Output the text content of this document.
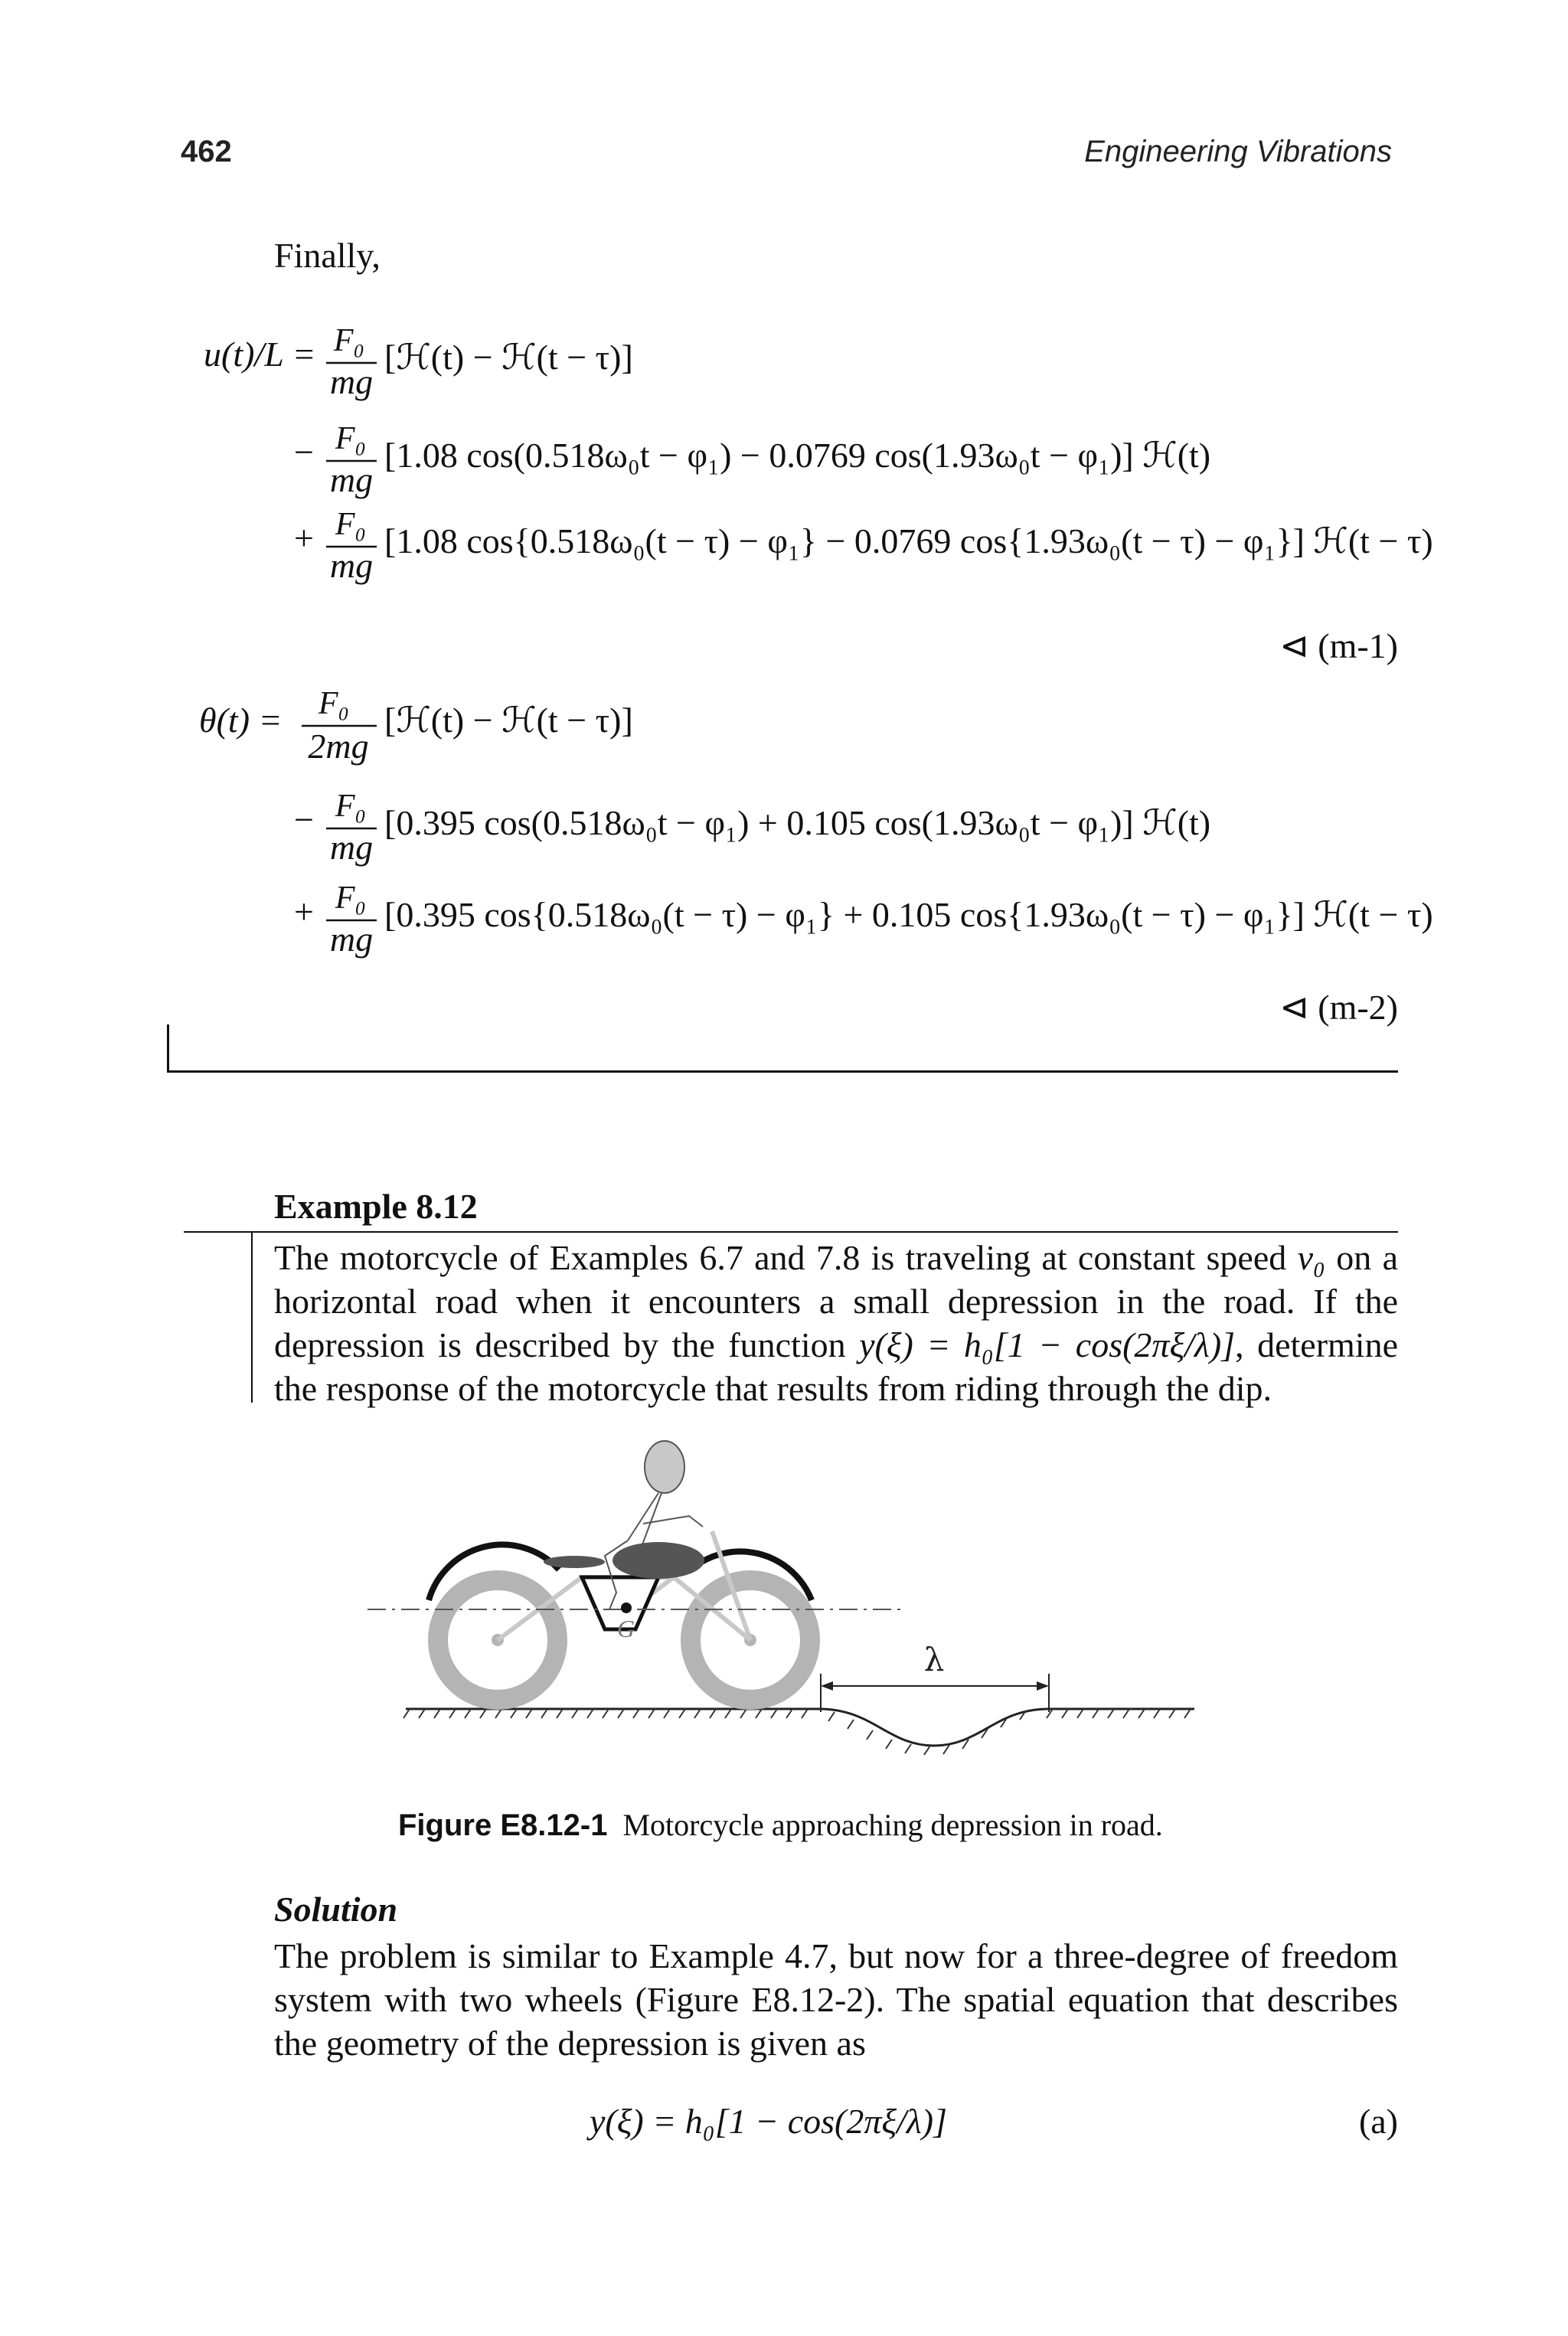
462	Engineering Vibrations
Finally,
u(t)/L = F₀
mg
[ℋ(t) − ℋ(t − τ)]
− F₀
mg
[1.08 cos(0.518ω₀t − φ₁) − 0.0769 cos(1.93ω₀t − φ₁)] ℋ(t)
+ F₀
mg
[1.08 cos{0.518ω₀(t − τ) − φ₁} − 0.0769 cos{1.93ω₀(t − τ) − φ₁}] ℋ(t − τ)
⊲ (m-1)
θ(t) = F₀
2mg
[ℋ(t) − ℋ(t − τ)]
− F₀
mg
[0.395 cos(0.518ω₀t − φ₁) + 0.105 cos(1.93ω₀t − φ₁)] ℋ(t)
+ F₀
mg
[0.395 cos{0.518ω₀(t − τ) − φ₁} + 0.105 cos{1.93ω₀(t − τ) − φ₁}] ℋ(t − τ)
⊲ (m-2)
Example 8.12
The motorcycle of Examples 6.7 and 7.8 is traveling at constant speed v₀ on a horizontal road when it encounters a small depression in the road. If the depression is described by the function y(ξ) = h₀[1 − cos(2πξ/λ)], determine the response of the motorcycle that results from riding through the dip.
λ
G
Figure E8.12-1 Motorcycle approaching depression in road.
Solution
The problem is similar to Example 4.7, but now for a three-degree of freedom system with two wheels (Figure E8.12-2). The spatial equation that describes the geometry of the depression is given as
y(ξ) = h₀[1 − cos(2πξ/λ)]	(a)
